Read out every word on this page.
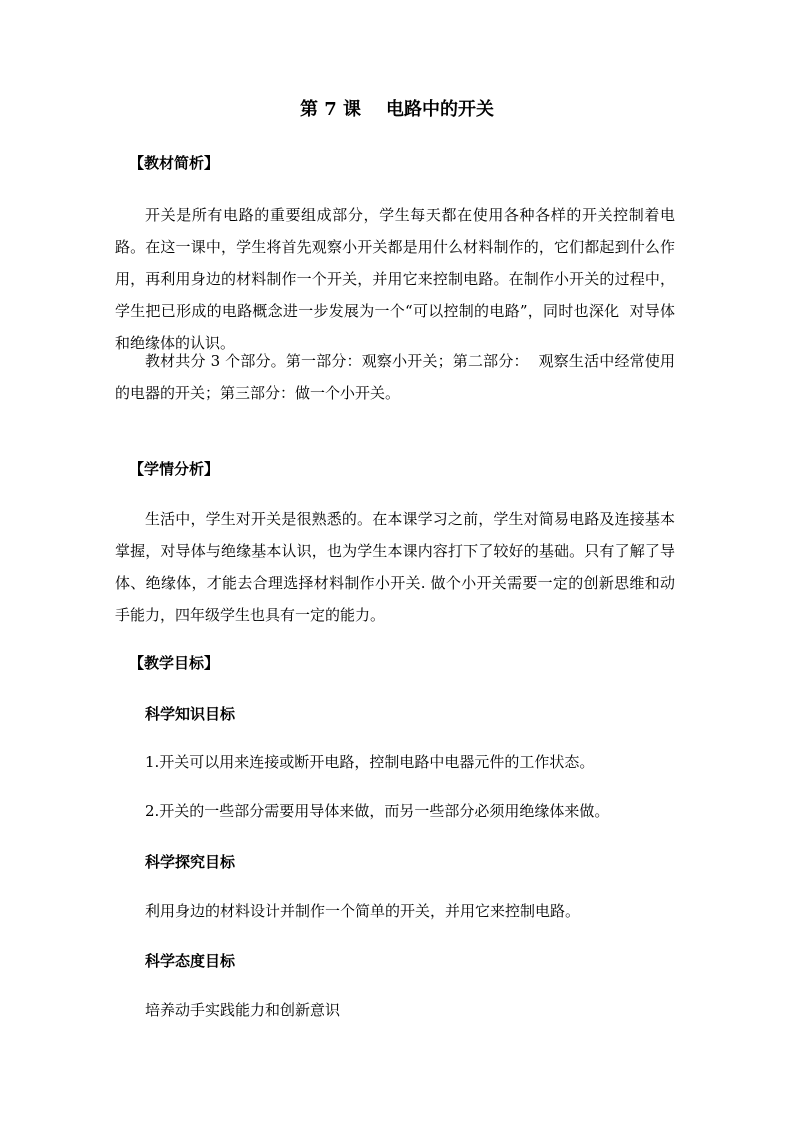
第 7 课    电路中的开关
【教材简析】
开关是所有电路的重要组成部分，学生每天都在使用各种各样的开关控制着电路。在这一课中，学生将首先观察小开关都是用什么材料制作的，它们都起到什么作用，再利用身边的材料制作一个开关，并用它来控制电路。在制作小开关的过程中，学生把已形成的电路概念进一步发展为一个“可以控制的电路”，同时也深化  对导体和绝缘体的认识。
教材共分 3 个部分。第一部分：观察小开关；第二部分：  观察生活中经常使用的电器的开关；第三部分：做一个小开关。
【学情分析】
生活中，学生对开关是很熟悉的。在本课学习之前，学生对简易电路及连接基本掌握，对导体与绝缘基本认识，也为学生本课内容打下了较好的基础。只有了解了导体、绝缘体，才能去合理选择材料制作小开关. 做个小开关需要一定的创新思维和动手能力，四年级学生也具有一定的能力。
【教学目标】
科学知识目标
1.开关可以用来连接或断开电路，控制电路中电器元件的工作状态。
2.开关的一些部分需要用导体来做，而另一些部分必须用绝缘体来做。
科学探究目标
利用身边的材料设计并制作一个简单的开关，并用它来控制电路。
科学态度目标
培养动手实践能力和创新意识
